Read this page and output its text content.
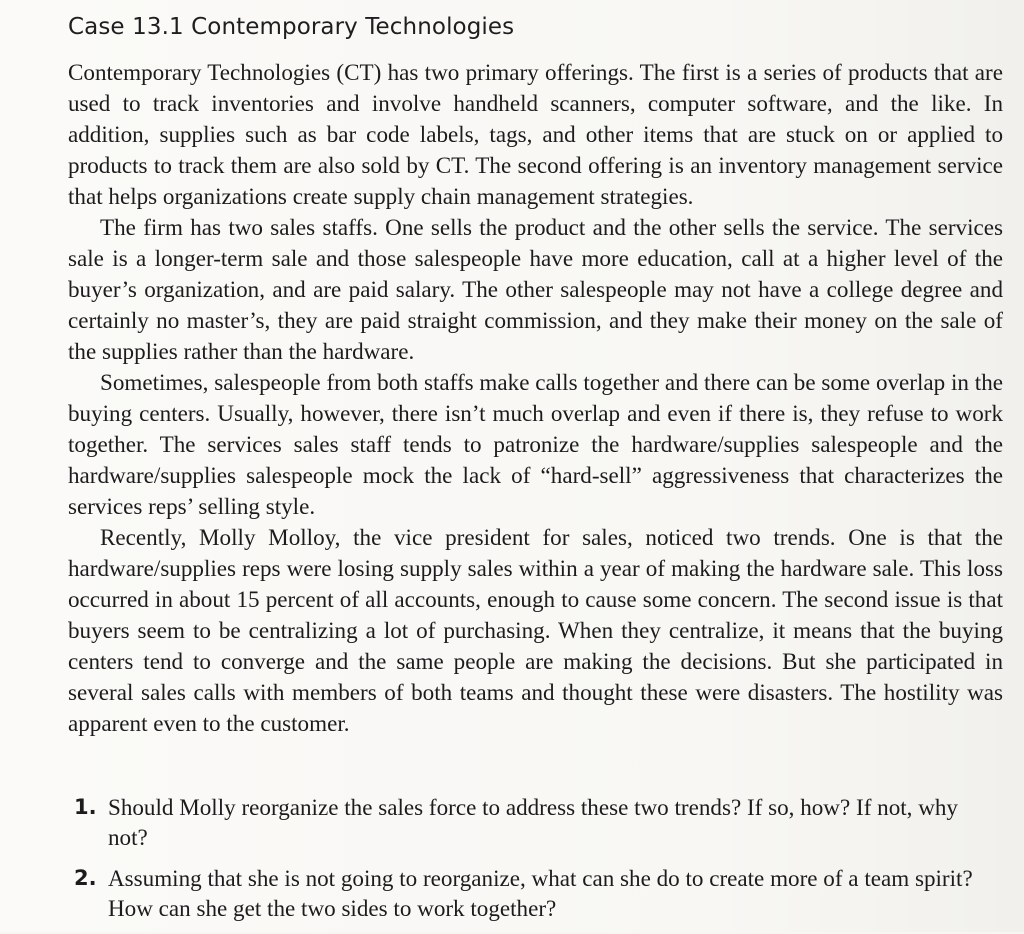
Case 13.1 Contemporary Technologies

Contemporary Technologies (CT) has two primary offerings. The first is a series of products that are used to track inventories and involve handheld scanners, computer software, and the like. In addition, supplies such as bar code labels, tags, and other items that are stuck on or applied to products to track them are also sold by CT. The second offering is an inventory management service that helps organizations create supply chain management strategies.

The firm has two sales staffs. One sells the product and the other sells the service. The services sale is a longer-term sale and those salespeople have more education, call at a higher level of the buyer’s organization, and are paid salary. The other salespeople may not have a college degree and certainly no master’s, they are paid straight commission, and they make their money on the sale of the supplies rather than the hardware.

Sometimes, salespeople from both staffs make calls together and there can be some overlap in the buying centers. Usually, however, there isn’t much overlap and even if there is, they refuse to work together. The services sales staff tends to patronize the hardware/supplies salespeople and the hardware/supplies salespeople mock the lack of “hard-sell” aggressiveness that characterizes the services reps’ selling style.

Recently, Molly Molloy, the vice president for sales, noticed two trends. One is that the hardware/supplies reps were losing supply sales within a year of making the hardware sale. This loss occurred in about 15 percent of all accounts, enough to cause some concern. The second issue is that buyers seem to be centralizing a lot of purchasing. When they centralize, it means that the buying centers tend to converge and the same people are making the decisions. But she participated in several sales calls with members of both teams and thought these were disasters. The hostility was apparent even to the customer.

1. Should Molly reorganize the sales force to address these two trends? If so, how? If not, why not?
2. Assuming that she is not going to reorganize, what can she do to create more of a team spirit? How can she get the two sides to work together?
